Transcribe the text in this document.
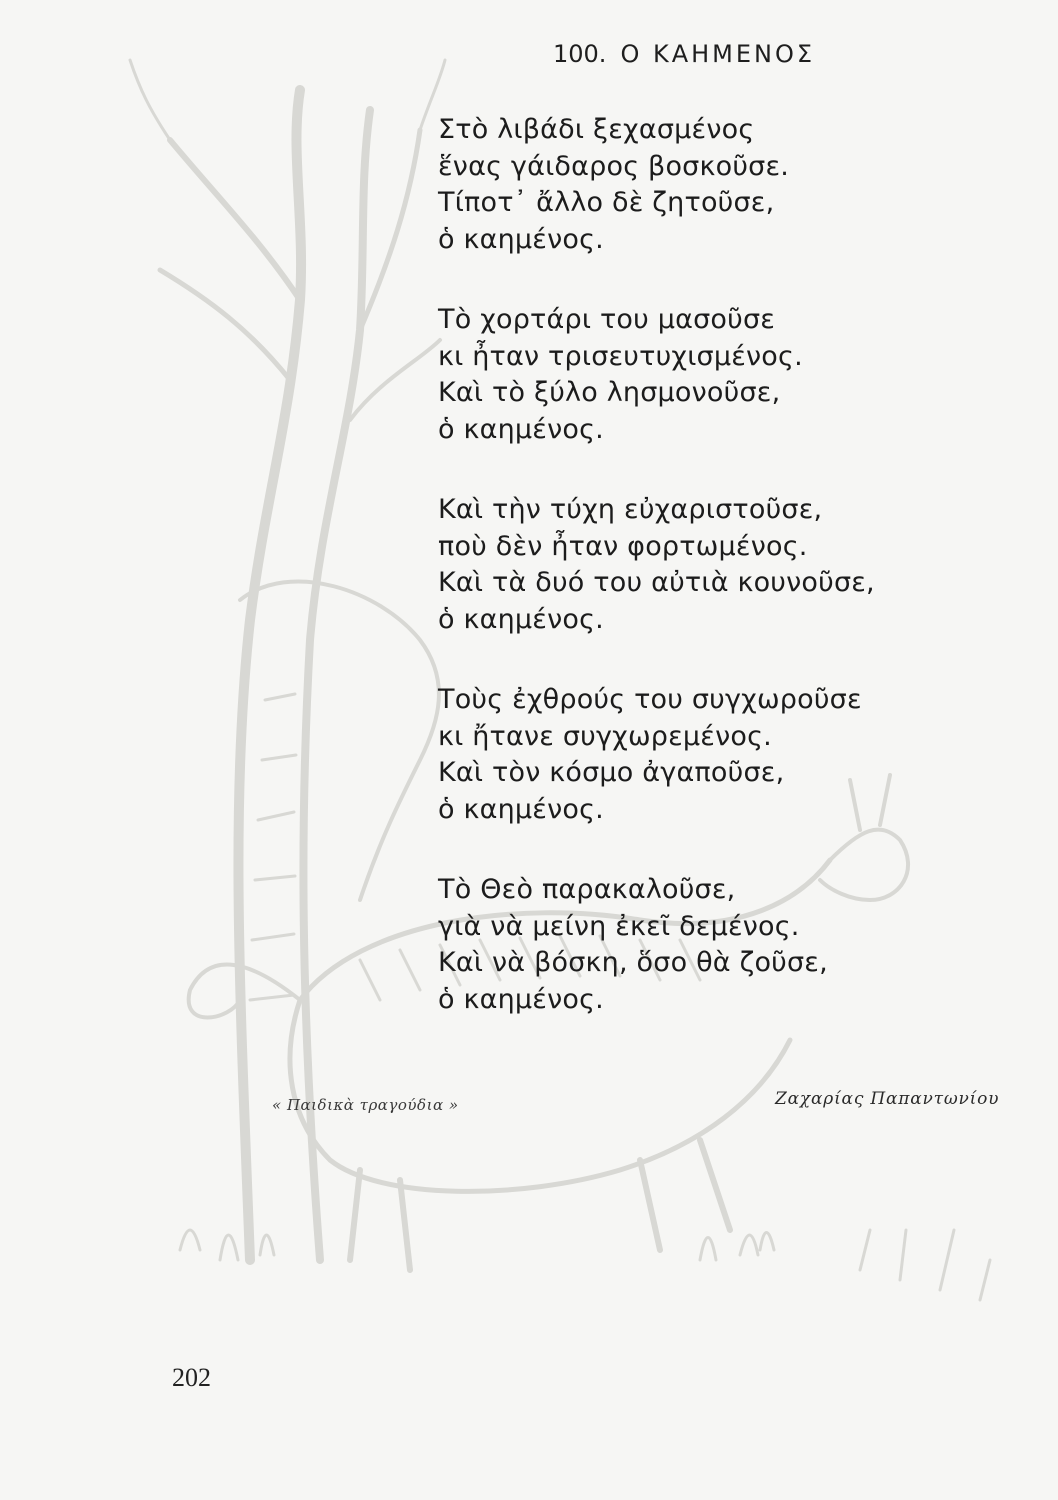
100. Ο ΚΑΗΜΕΝΟΣ
Στὸ λιβάδι ξεχασμένος
ἕνας γάιδαρος βοσκοῦσε.
Τίποτ᾽ ἄλλο δὲ ζητοῦσε,
ὁ καημένος.
Τὸ χορτάρι του μασοῦσε
κι ἦταν τρισευτυχισμένος.
Καὶ τὸ ξύλο λησμονοῦσε,
ὁ καημένος.
Καὶ τὴν τύχη εὐχαριστοῦσε,
ποὺ δὲν ἦταν φορτωμένος.
Καὶ τὰ δυό του αὐτιὰ κουνοῦσε,
ὁ καημένος.
Τοὺς ἐχθρούς του συγχωροῦσε
κι ἤτανε συγχωρεμένος.
Καὶ τὸν κόσμο ἀγαποῦσε,
ὁ καημένος.
Τὸ Θεὸ παρακαλοῦσε,
γιὰ νὰ μείνη ἐκεῖ δεμένος.
Καὶ νὰ βόσκη, ὅσο θὰ ζοῦσε,
ὁ καημένος.
« Παιδικὰ τραγούδια »	Ζαχαρίας Παπαντωνίου
202
